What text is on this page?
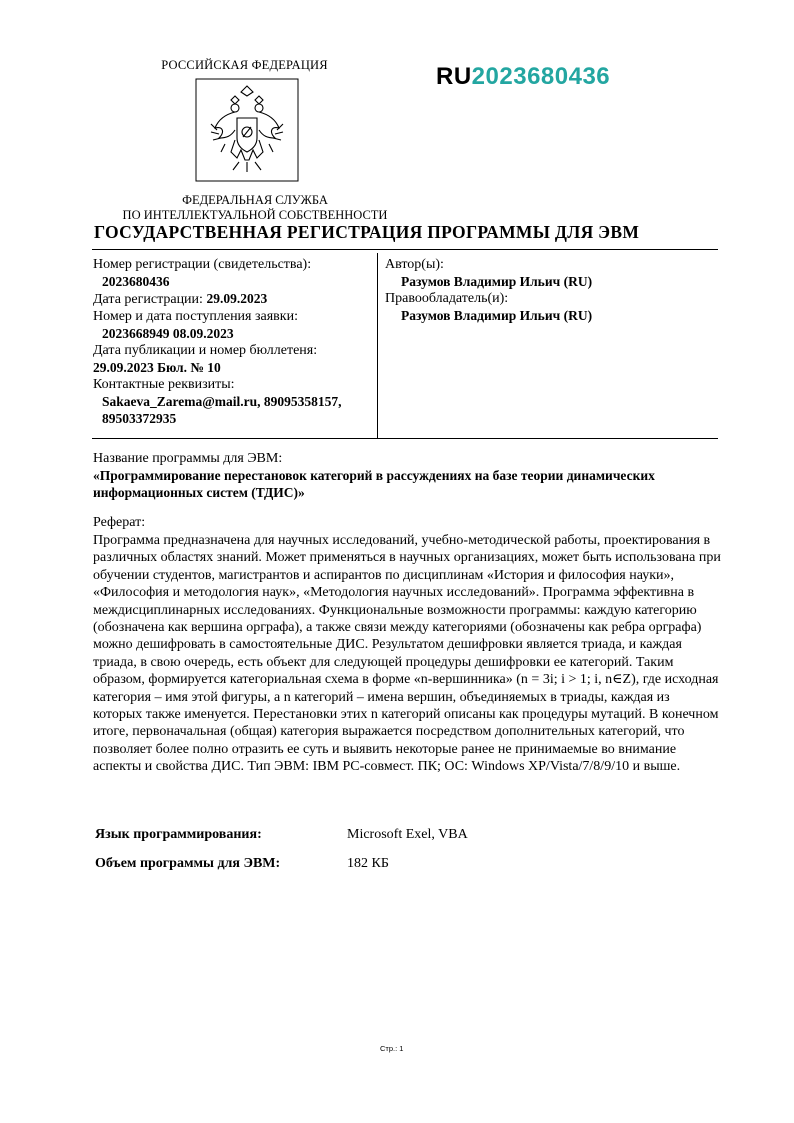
РОССИЙСКАЯ ФЕДЕРАЦИЯ
ФЕДЕРАЛЬНАЯ СЛУЖБА
ПО ИНТЕЛЛЕКТУАЛЬНОЙ СОБСТВЕННОСТИ
RU2023680436
ГОСУДАРСТВЕННАЯ РЕГИСТРАЦИЯ ПРОГРАММЫ ДЛЯ ЭВМ
Номер регистрации (свидетельства):
2023680436
Дата регистрации: 29.09.2023
Номер и дата поступления заявки:
2023668949 08.09.2023
Дата публикации и номер бюллетеня:
29.09.2023 Бюл. № 10
Контактные реквизиты:
Sakaeva_Zarema@mail.ru, 89095358157,
89503372935
Автор(ы):
Разумов Владимир Ильич (RU)
Правообладатель(и):
Разумов Владимир Ильич (RU)
Название программы для ЭВМ:
«Программирование перестановок категорий в рассуждениях на базе теории динамических информационных систем (ТДИС)»
Реферат:
Программа предназначена для научных исследований, учебно-методической работы, проектирования в различных областях знаний. Может применяться в научных организациях, может быть использована при обучении студентов, магистрантов и аспирантов по дисциплинам «История и философия науки», «Философия и методология наук», «Методология научных исследований». Программа эффективна в междисциплинарных исследованиях. Функциональные возможности программы: каждую категорию (обозначена как вершина орграфа), а также связи между категориями (обозначены как ребра орграфа) можно дешифровать в самостоятельные ДИС. Результатом дешифровки является триада, и каждая триада, в свою очередь, есть объект для следующей процедуры дешифровки ее категорий. Таким образом, формируется категориальная схема в форме «n-вершинника» (n = 3i; i > 1; i, n∈Z), где исходная категория – имя этой фигуры, а n категорий – имена вершин, объединяемых в триады, каждая из которых также именуется. Перестановки этих n категорий описаны как процедуры мутаций. В конечном итоге, первоначальная (общая) категория выражается посредством дополнительных категорий, что позволяет более полно отразить ее суть и выявить некоторые ранее не принимаемые во внимание аспекты и свойства ДИС. Тип ЭВМ: IBM PC-совмест. ПК; ОС: Windows XP/Vista/7/8/9/10 и выше.
Язык программирования:	Microsoft Exel, VBA
Объем программы для ЭВМ:	182 КБ
Стр.: 1
